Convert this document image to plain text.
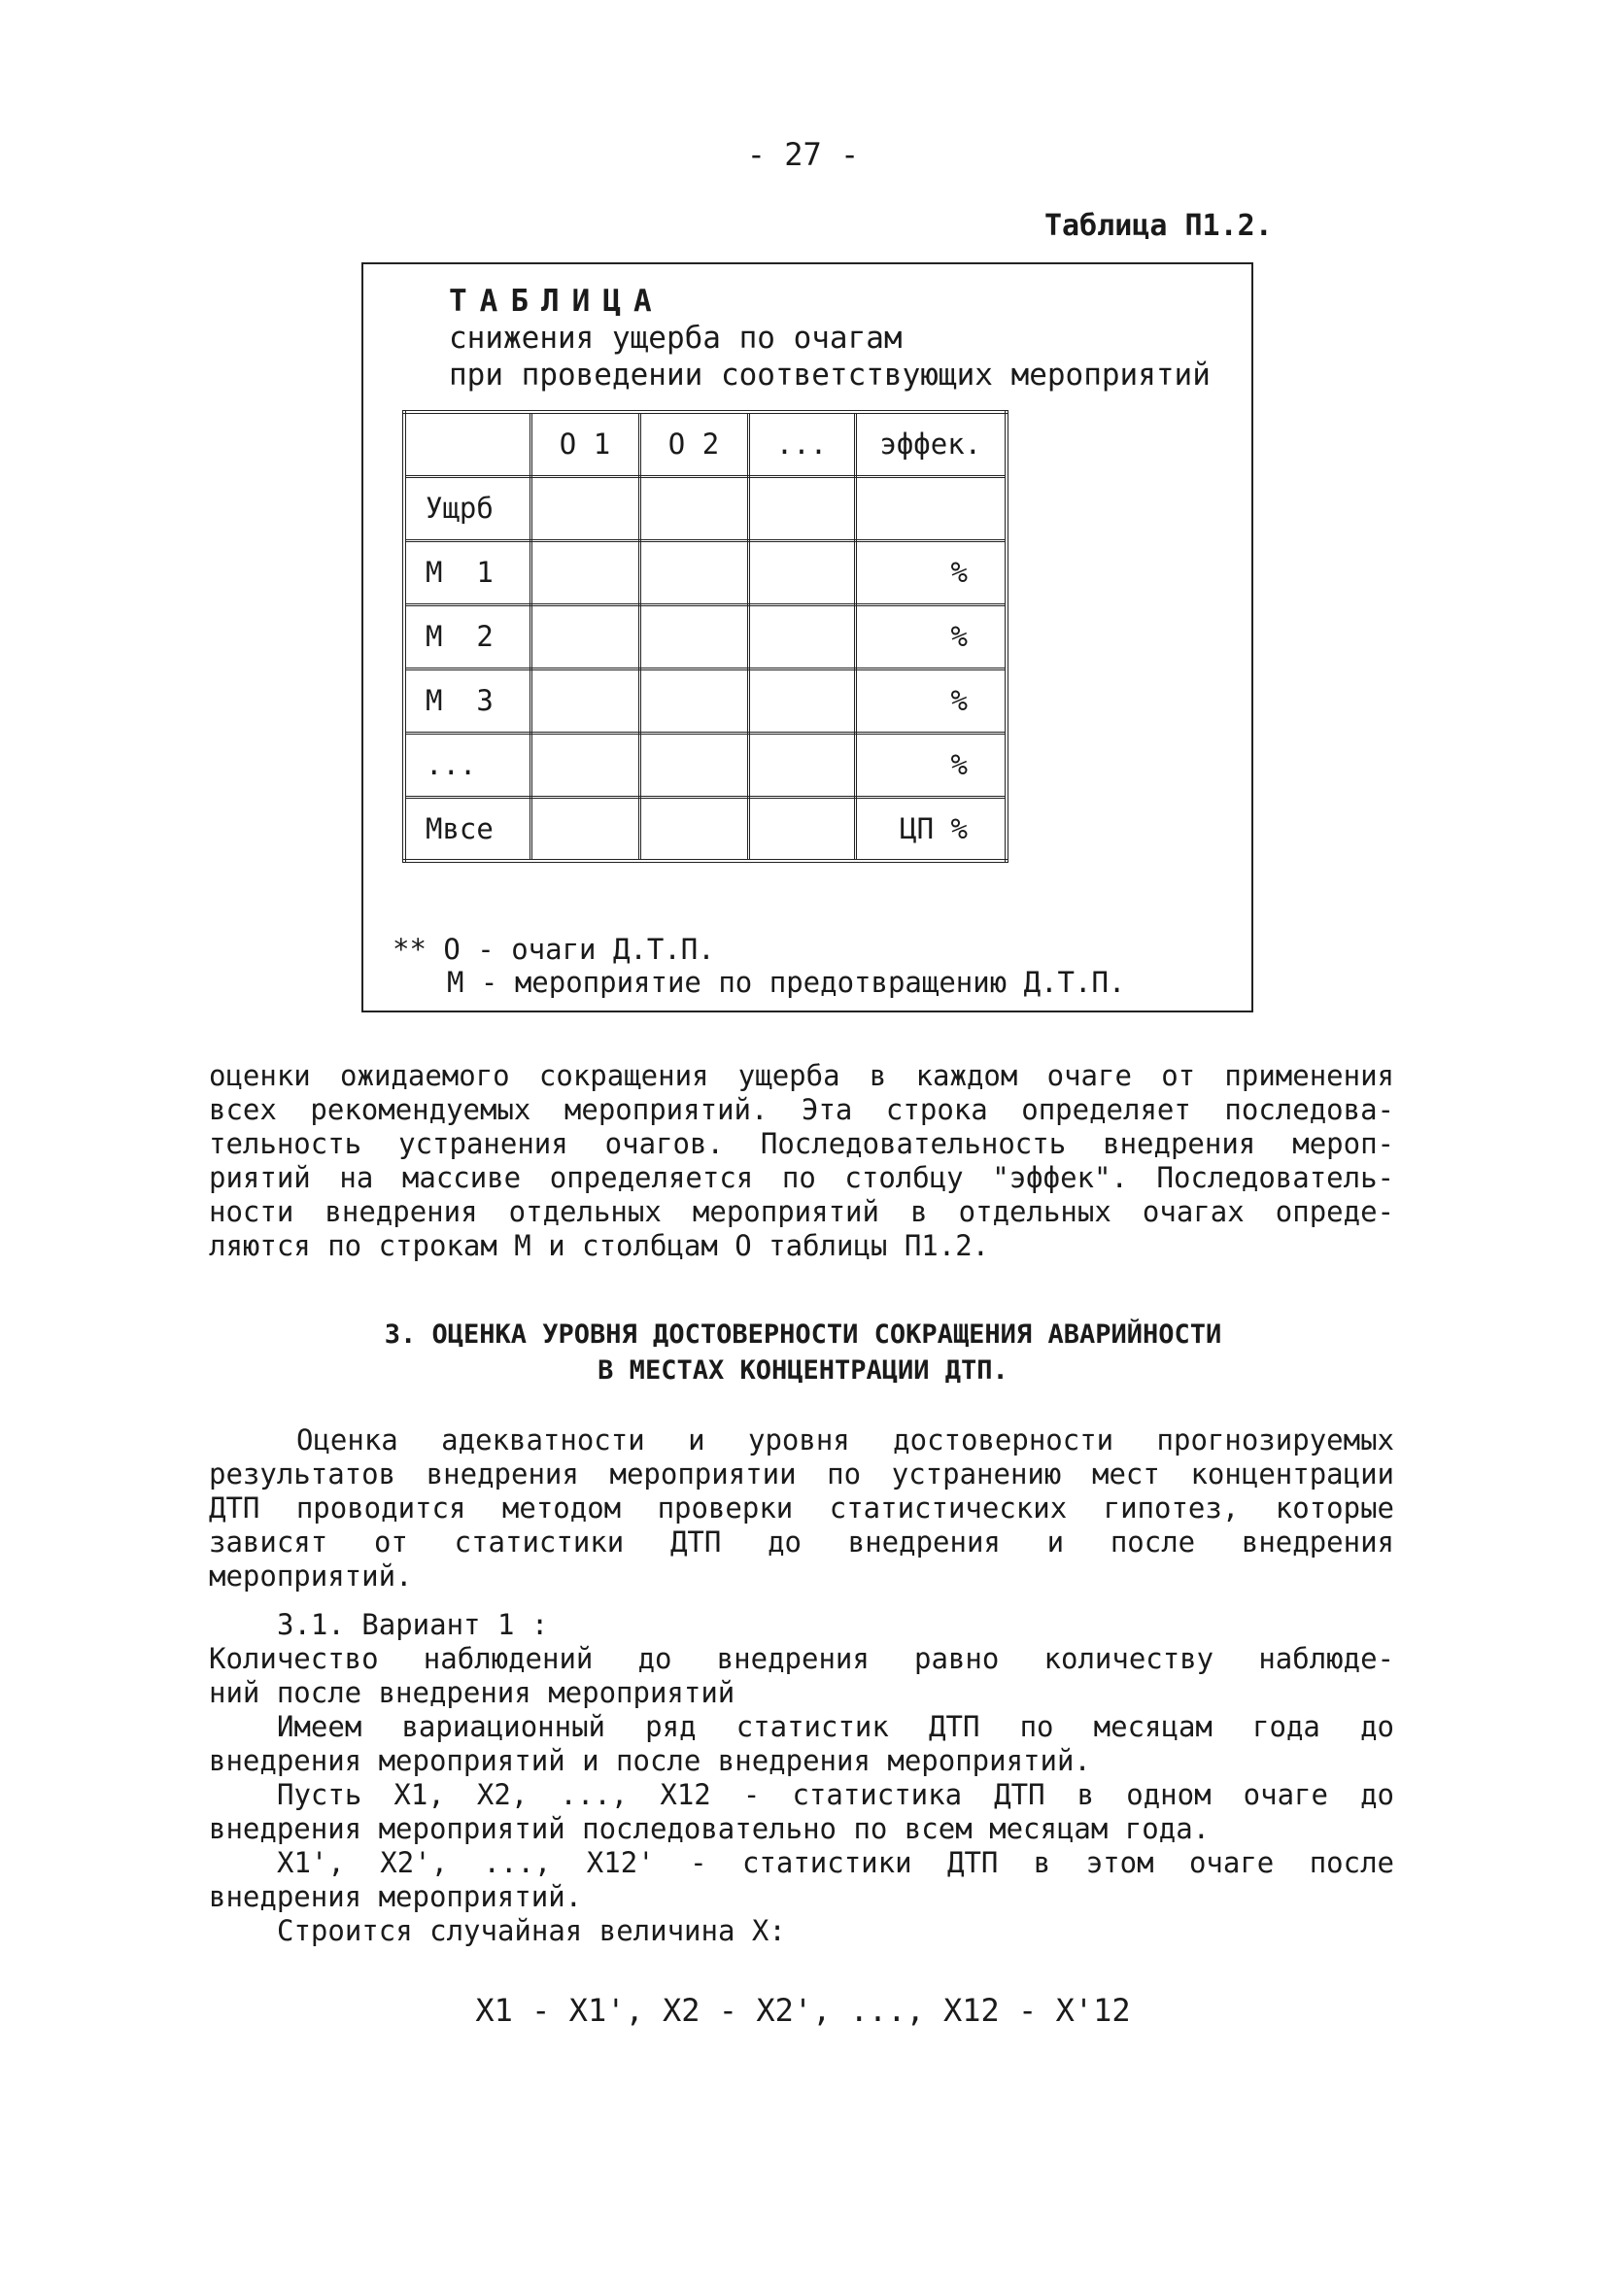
- 27 -
Таблица П1.2.
ТАБЛИЦА
снижения ущерба по очагам
при проведении соответствующих мероприятий
	О 1	О 2	...	эффек.
Ущрб				
М  1				%
М  2				%
М  3				%
...				%
Мвсе				ЦП %
** О - очаги Д.Т.П.
М - мероприятие по предотвращению Д.Т.П.

оценки ожидаемого сокращения ущерба в каждом очаге от применения

всех рекомендуемых мероприятий. Эта строка определяет последова-

тельность устранения очагов. Последовательность внедрения мероп-

риятий на массиве определяется по столбцу "эффек". Последователь-

ности внедрения отдельных мероприятий в отдельных очагах опреде-

ляются по строкам М и столбцам О таблицы П1.2.

3. ОЦЕНКА УРОВНЯ ДОСТОВЕРНОСТИ СОКРАЩЕНИЯ АВАРИЙНОСТИ
В МЕСТАХ КОНЦЕНТРАЦИИ ДТП.

Оценка адекватности и уровня достоверности прогнозируемых

результатов внедрения мероприятии по устранению мест концентрации

ДТП проводится методом проверки статистических гипотез, которые

зависят от статистики ДТП до внедрения и после внедрения

мероприятий.

3.1. Вариант 1 :

Количество наблюдений до внедрения равно количеству наблюде-

ний после внедрения мероприятий

Имеем вариационный ряд статистик ДТП по месяцам года до

внедрения мероприятий и после внедрения мероприятий.

Пусть X1, X2, ..., X12 - статистика ДТП в одном очаге до

внедрения мероприятий последовательно по всем месяцам года.

X1', X2', ..., X12' - статистики ДТП в этом очаге после

внедрения мероприятий.

Строится случайная величина X:

X1 - X1', X2 - X2', ..., X12 - X'12
